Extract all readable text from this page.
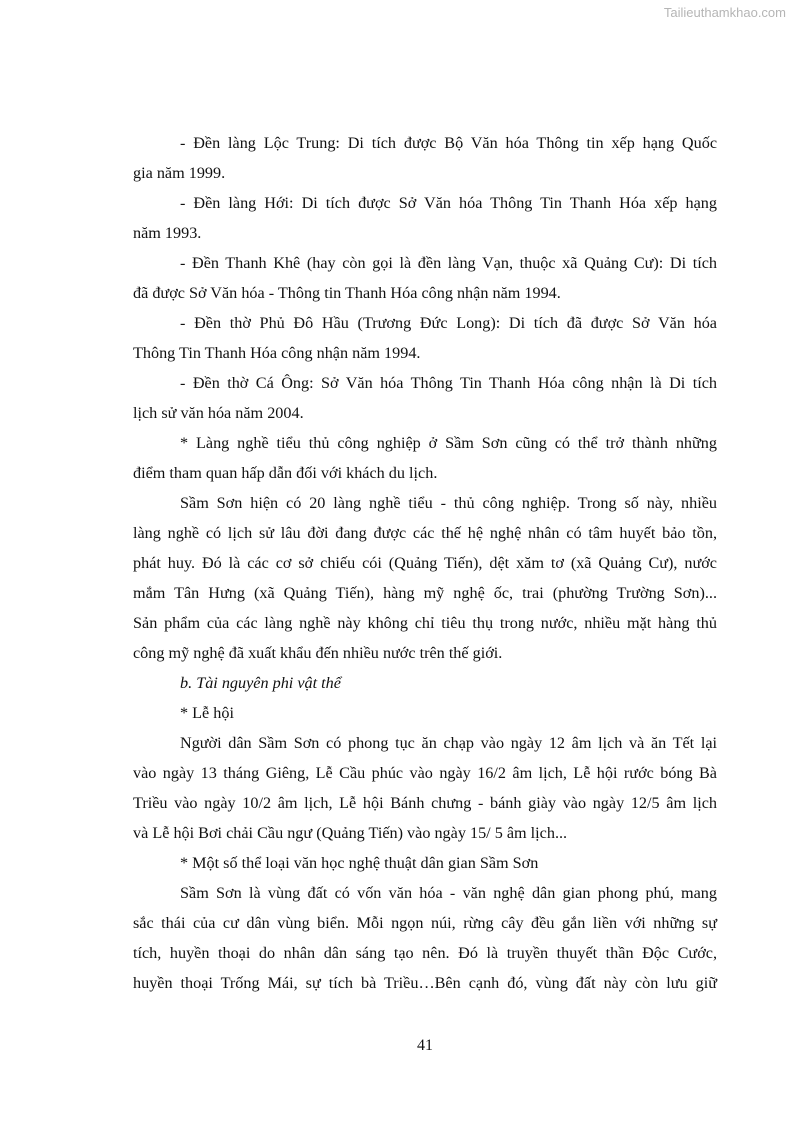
Tailieuthamkhao.com
- Đền làng Lộc Trung: Di tích được Bộ Văn hóa Thông tin xếp hạng Quốc
gia năm 1999.
- Đền làng Hới: Di tích được Sở Văn hóa Thông Tin Thanh Hóa xếp hạng
năm 1993.
- Đền Thanh Khê (hay còn gọi là đền làng Vạn, thuộc xã Quảng Cư): Di tích
đã được Sở Văn hóa - Thông tin Thanh Hóa công nhận năm 1994.
- Đền thờ Phủ Đô Hầu (Trương Đức Long): Di tích đã được Sở Văn hóa
Thông Tin Thanh Hóa công nhận năm 1994.
- Đền thờ Cá Ông: Sở Văn hóa Thông Tin Thanh Hóa công nhận là Di tích
lịch sử văn hóa năm 2004.
* Làng nghề tiểu thủ công nghiệp ở Sầm Sơn cũng có thể trở thành những
điểm tham quan hấp dẫn đối với khách du lịch.
Sầm Sơn hiện có 20 làng nghề tiểu - thủ công nghiệp. Trong số này, nhiều
làng nghề có lịch sử lâu đời đang được các thế hệ nghệ nhân có tâm huyết bảo tồn,
phát huy. Đó là các cơ sở chiếu cói (Quảng Tiến), dệt xăm tơ (xã Quảng Cư), nước
mắm Tân Hưng (xã Quảng Tiến), hàng mỹ nghệ ốc, trai (phường Trường Sơn)...
Sản phẩm của các làng nghề này không chỉ tiêu thụ trong nước, nhiều mặt hàng thủ
công mỹ nghệ đã xuất khẩu đến nhiều nước trên thế giới.
b. Tài nguyên phi vật thể
* Lễ hội
Người dân Sầm Sơn có phong tục ăn chạp vào ngày 12 âm lịch và ăn Tết lại
vào ngày 13 tháng Giêng, Lễ Cầu phúc vào ngày 16/2 âm lịch, Lễ hội rước bóng Bà
Triều vào ngày 10/2 âm lịch, Lễ hội Bánh chưng - bánh giày vào ngày 12/5 âm lịch
và Lễ hội Bơi chải Cầu ngư (Quảng Tiến) vào ngày 15/ 5 âm lịch...
* Một số thể loại văn học nghệ thuật dân gian Sầm Sơn
Sầm Sơn là vùng đất có vốn văn hóa - văn nghệ dân gian phong phú, mang
sắc thái của cư dân vùng biển. Mỗi ngọn núi, rừng cây đều gắn liền với những sự
tích, huyền thoại do nhân dân sáng tạo nên. Đó là truyền thuyết thần Độc Cước,
huyền thoại Trống Mái, sự tích bà Triều…Bên cạnh đó, vùng đất này còn lưu giữ
41
